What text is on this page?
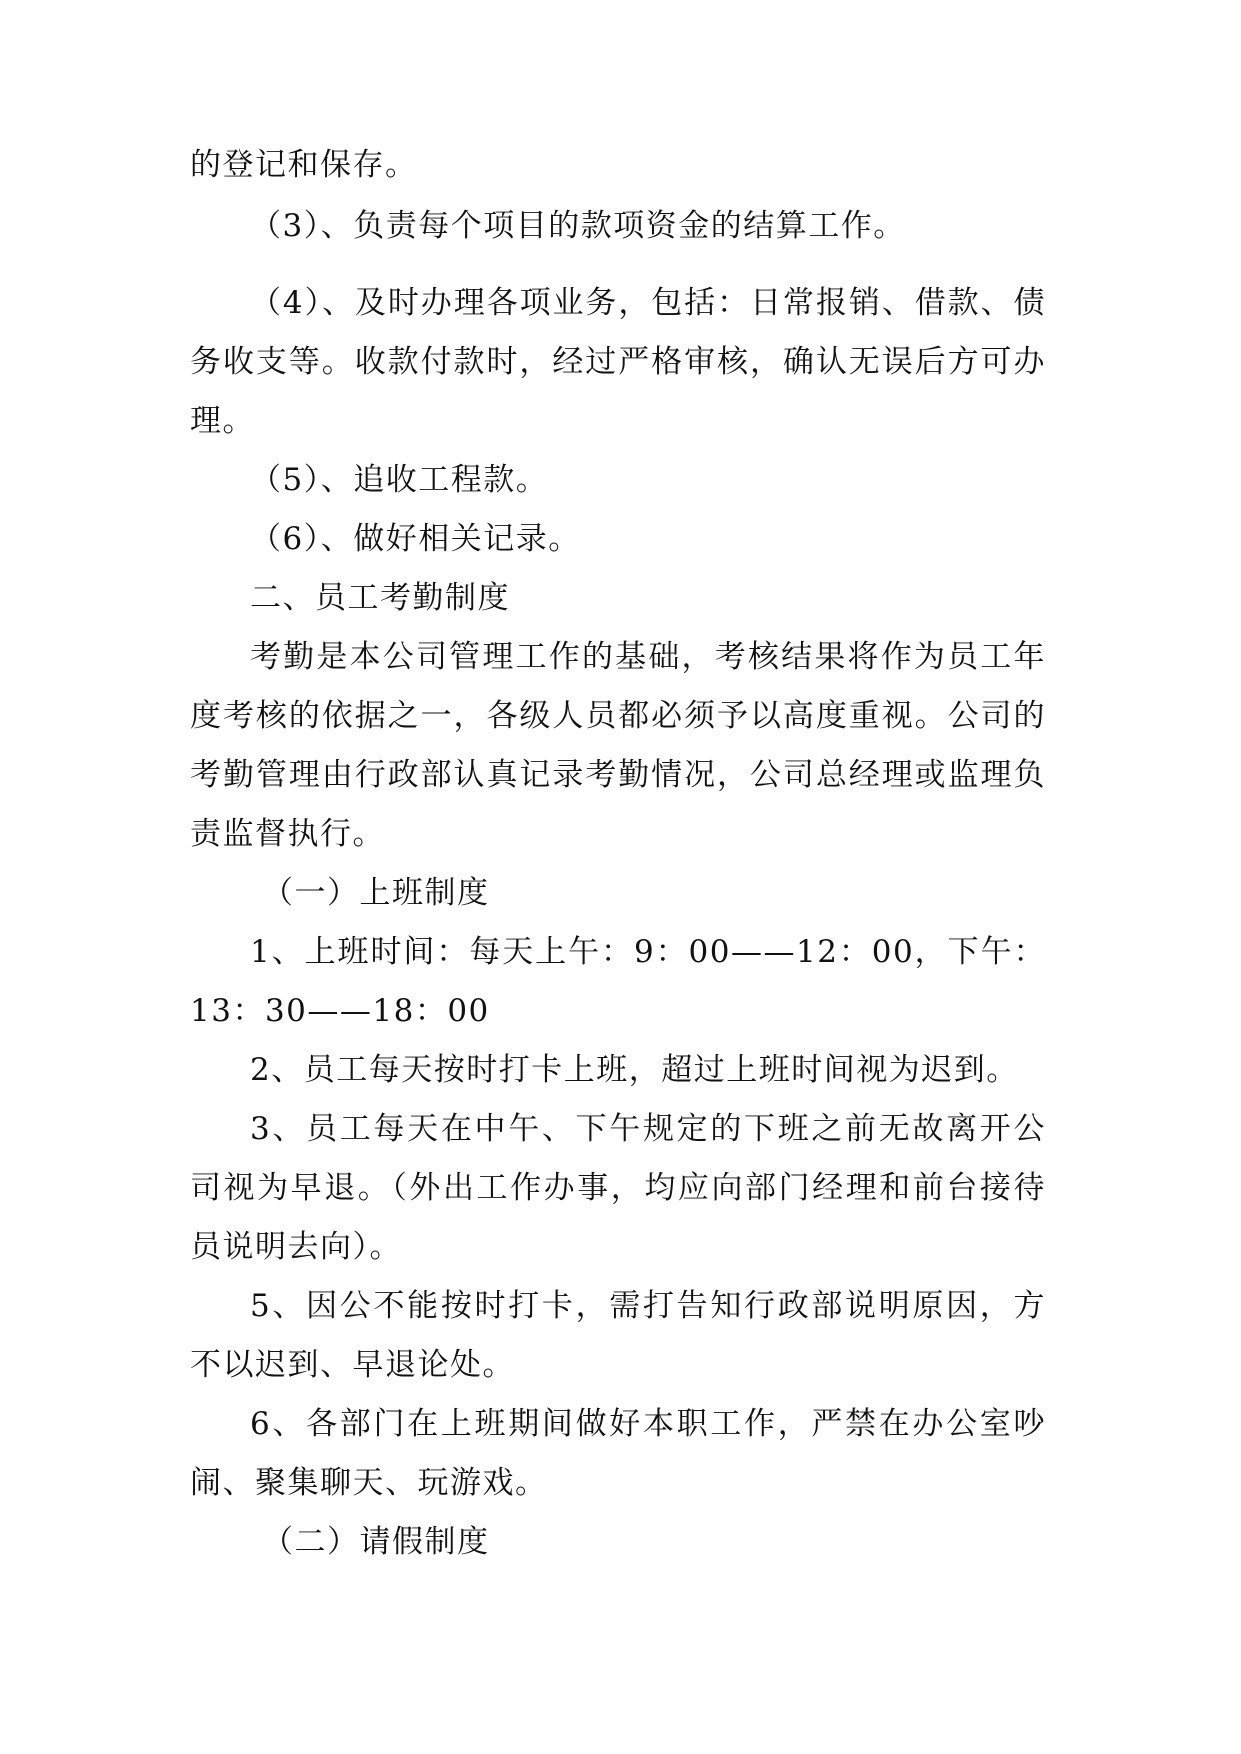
的登记和保存。
（3）、负责每个项目的款项资金的结算工作。
（4）、及时办理各项业务，包括：日常报销、借款、债
务收支等。收款付款时，经过严格审核，确认无误后方可办
理。
（5）、追收工程款。
（6）、做好相关记录。
二、员工考勤制度
考勤是本公司管理工作的基础，考核结果将作为员工年
度考核的依据之一，各级人员都必须予以高度重视。公司的
考勤管理由行政部认真记录考勤情况，公司总经理或监理负
责监督执行。
（一）上班制度
1、上班时间：每天上午：9：00——12：00，下午：
13：30——18：00
2、员工每天按时打卡上班，超过上班时间视为迟到。
3、员工每天在中午、下午规定的下班之前无故离开公
司视为早退。（外出工作办事，均应向部门经理和前台接待
员说明去向）。
5、因公不能按时打卡，需打告知行政部说明原因，方
不以迟到、早退论处。
6、各部门在上班期间做好本职工作，严禁在办公室吵
闹、聚集聊天、玩游戏。
（二）请假制度
